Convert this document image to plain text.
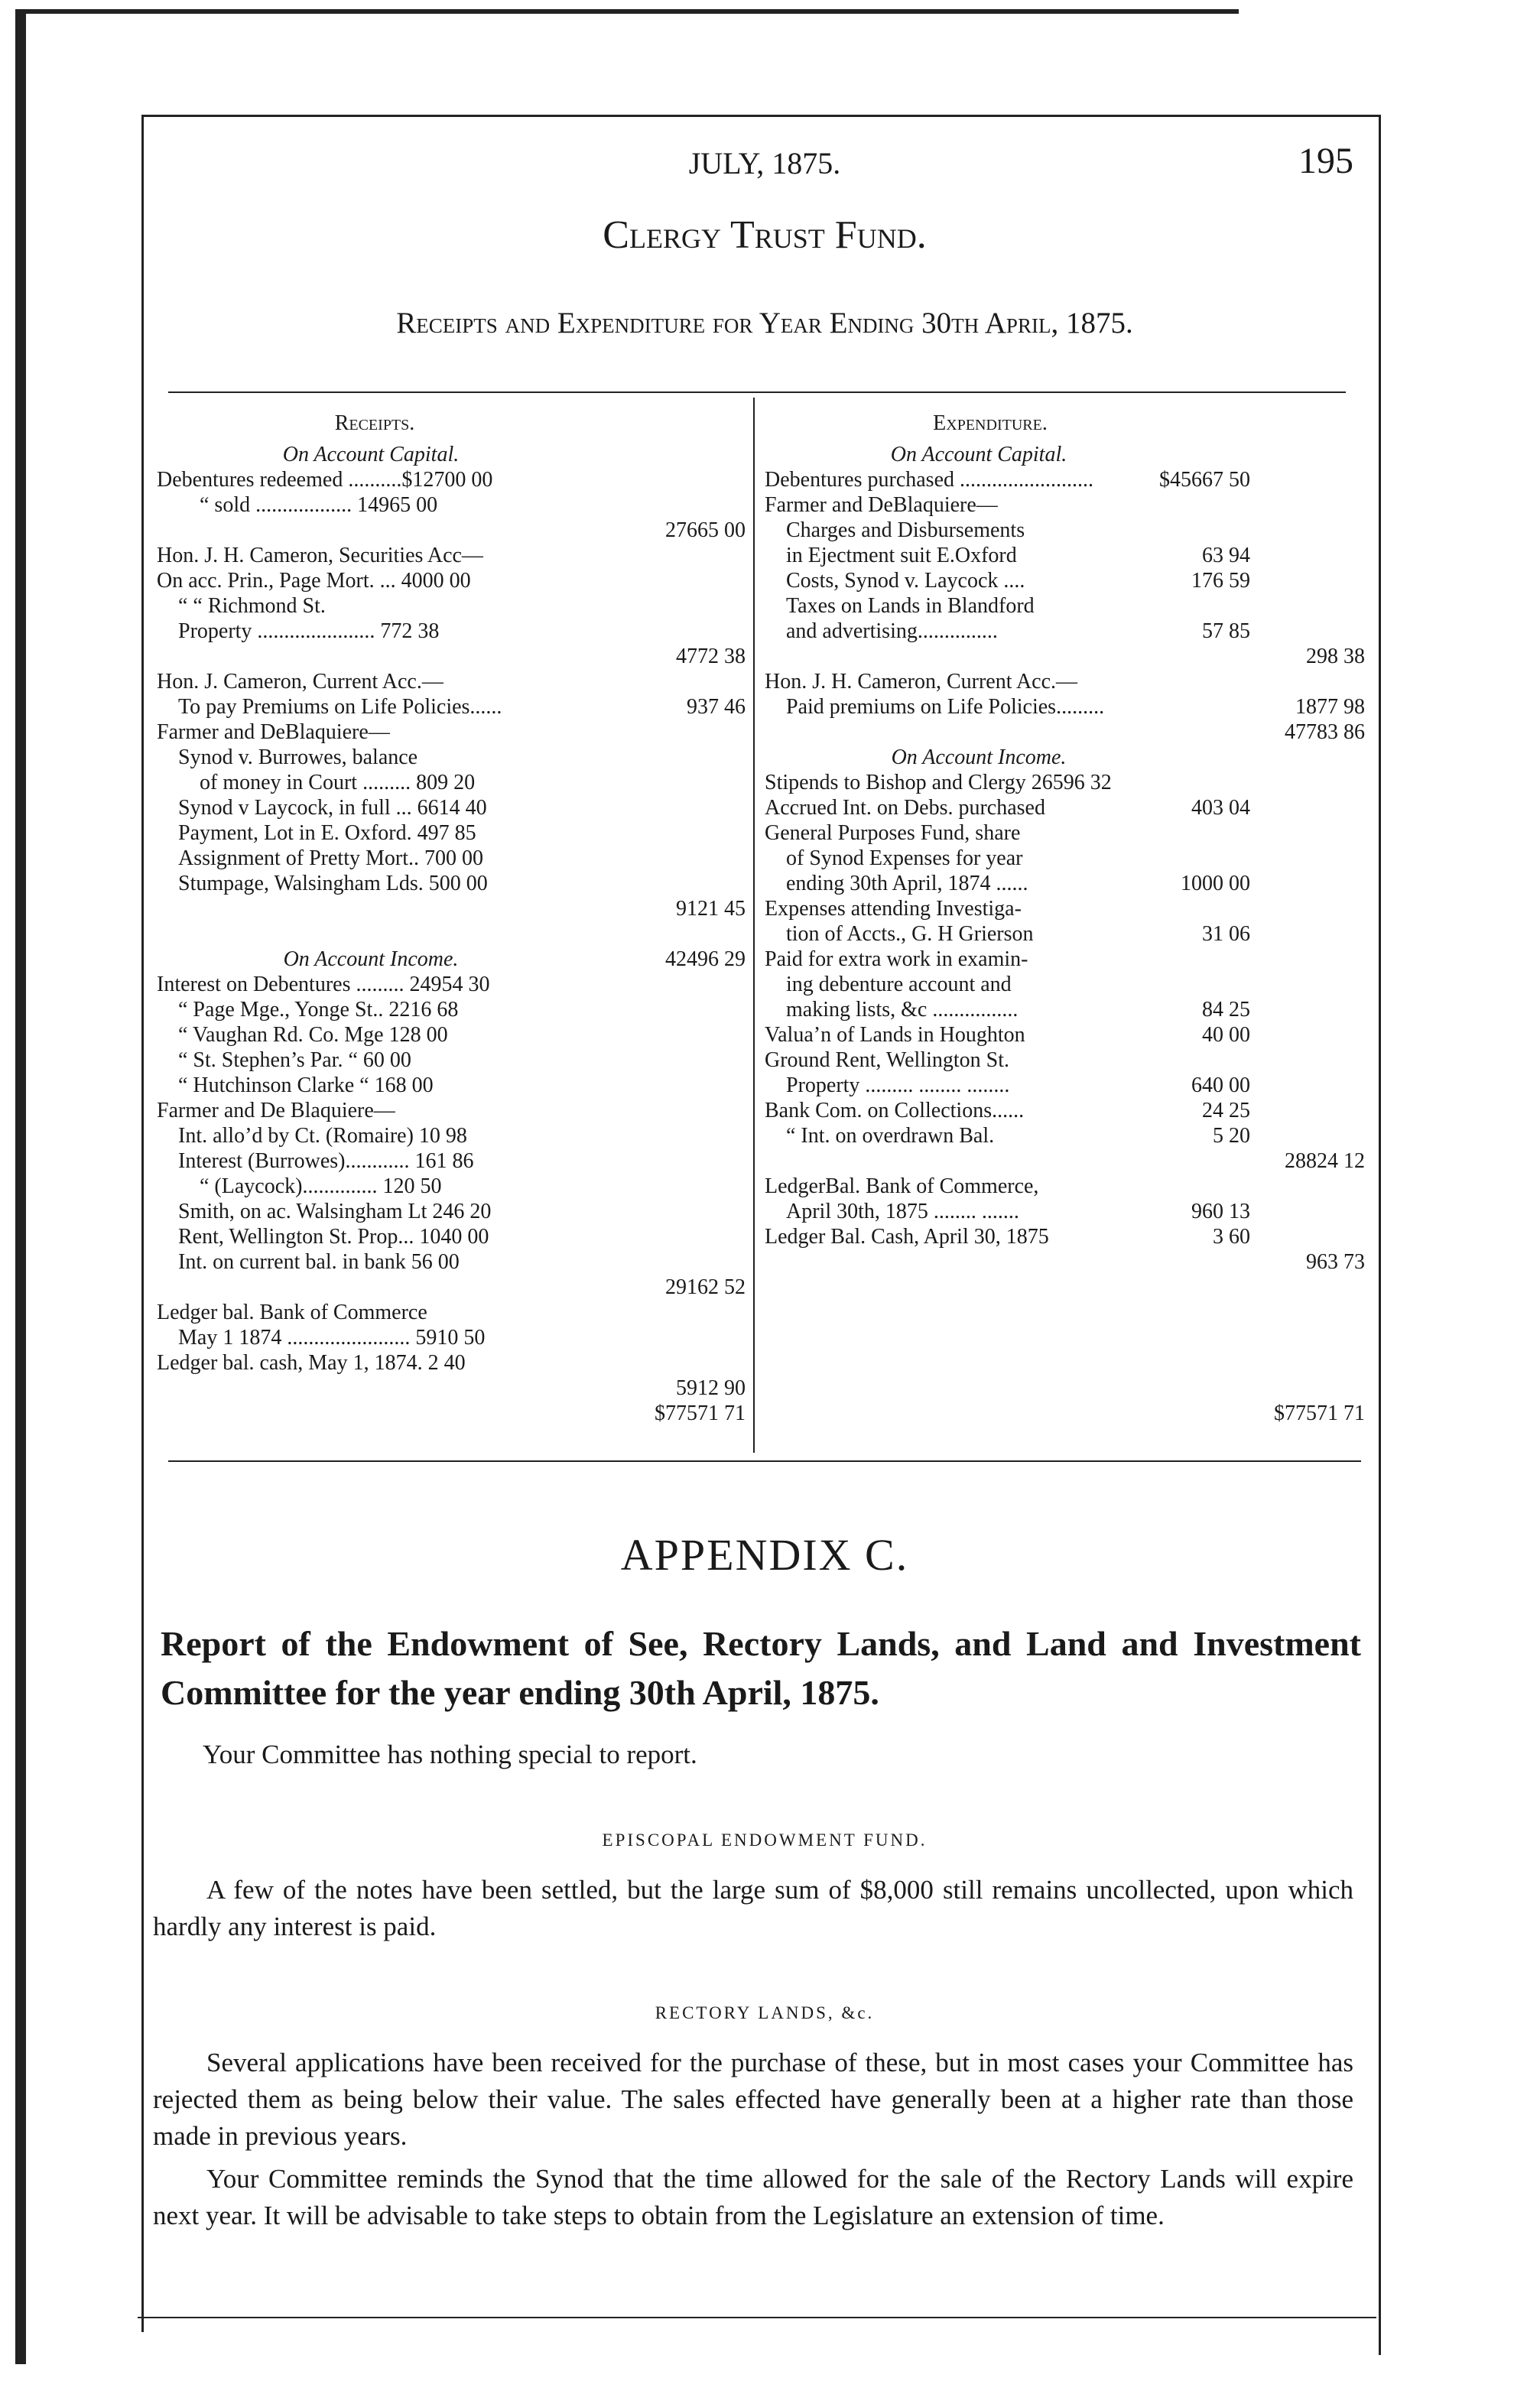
JULY, 1875.	195
Clergy Trust Fund.
Receipts and Expenditure for Year Ending 30th April, 1875.
Receipts.
On Account Capital.
Debentures redeemed ..........$12700 00
“ sold .................. 14965 00
27665 00
Hon. J. H. Cameron, Securities Acc—
On acc. Prin., Page Mort. ... 4000 00
“ “ Richmond St.
Property ...................... 772 38
4772 38
Hon. J. Cameron, Current Acc.—
To pay Premiums on Life Policies......	937 46
Farmer and DeBlaquiere—
Synod v. Burrowes, balance
of money in Court ......... 809 20
Synod v Laycock, in full ... 6614 40
Payment, Lot in E. Oxford. 497 85
Assignment of Pretty Mort.. 700 00
Stumpage, Walsingham Lds. 500 00
9121 45
On Account Income.	42496 29
Interest on Debentures ......... 24954 30
“ Page Mge., Yonge St.. 2216 68
“ Vaughan Rd. Co. Mge 128 00
“ St. Stephen’s Par. “ 60 00
“ Hutchinson Clarke “ 168 00
Farmer and De Blaquiere—
Int. allo’d by Ct. (Romaire) 10 98
Interest (Burrowes)............ 161 86
“ (Laycock).............. 120 50
Smith, on ac. Walsingham Lt 246 20
Rent, Wellington St. Prop... 1040 00
Int. on current bal. in bank 56 00
29162 52
Ledger bal. Bank of Commerce
May 1 1874 ....................... 5910 50
Ledger bal. cash, May 1, 1874. 2 40
5912 90
$77571 71
Expenditure.
On Account Capital.
Debentures purchased .........................	$45667 50
Farmer and DeBlaquiere—
Charges and Disbursements
in Ejectment suit E.Oxford	63 94
Costs, Synod v. Laycock ....	176 59
Taxes on Lands in Blandford
and advertising...............	57 85
298 38
Hon. J. H. Cameron, Current Acc.—
Paid premiums on Life Policies.........	1877 98
47783 86
On Account Income.
Stipends to Bishop and Clergy 26596 32
Accrued Int. on Debs. purchased	403 04
General Purposes Fund, share
of Synod Expenses for year
ending 30th April, 1874 ......	1000 00
Expenses attending Investiga-
tion of Accts., G. H Grierson	31 06
Paid for extra work in examin-
ing debenture account and
making lists, &c ................	84 25
Valua’n of Lands in Houghton	40 00
Ground Rent, Wellington St.
Property ......... ........ ........	640 00
Bank Com. on Collections......	24 25
“ Int. on overdrawn Bal.	5 20
28824 12
LedgerBal. Bank of Commerce,
April 30th, 1875 ........ .......	960 13
Ledger Bal. Cash, April 30, 1875	3 60
963 73
$77571 71
APPENDIX C.
Report of the Endowment of See, Rectory Lands, and Land and Investment Committee for the year ending 30th April, 1875.
Your Committee has nothing special to report.
EPISCOPAL ENDOWMENT FUND.

A few of the notes have been settled, but the large sum of $8,000 still remains uncollected, upon which hardly any interest is paid.

RECTORY LANDS, &c.

Several applications have been received for the purchase of these, but in most cases your Committee has rejected them as being below their value. The sales effected have generally been at a higher rate than those made in previous years.

Your Committee reminds the Synod that the time allowed for the sale of the Rectory Lands will expire next year. It will be advisable to take steps to obtain from the Legislature an extension of time.
